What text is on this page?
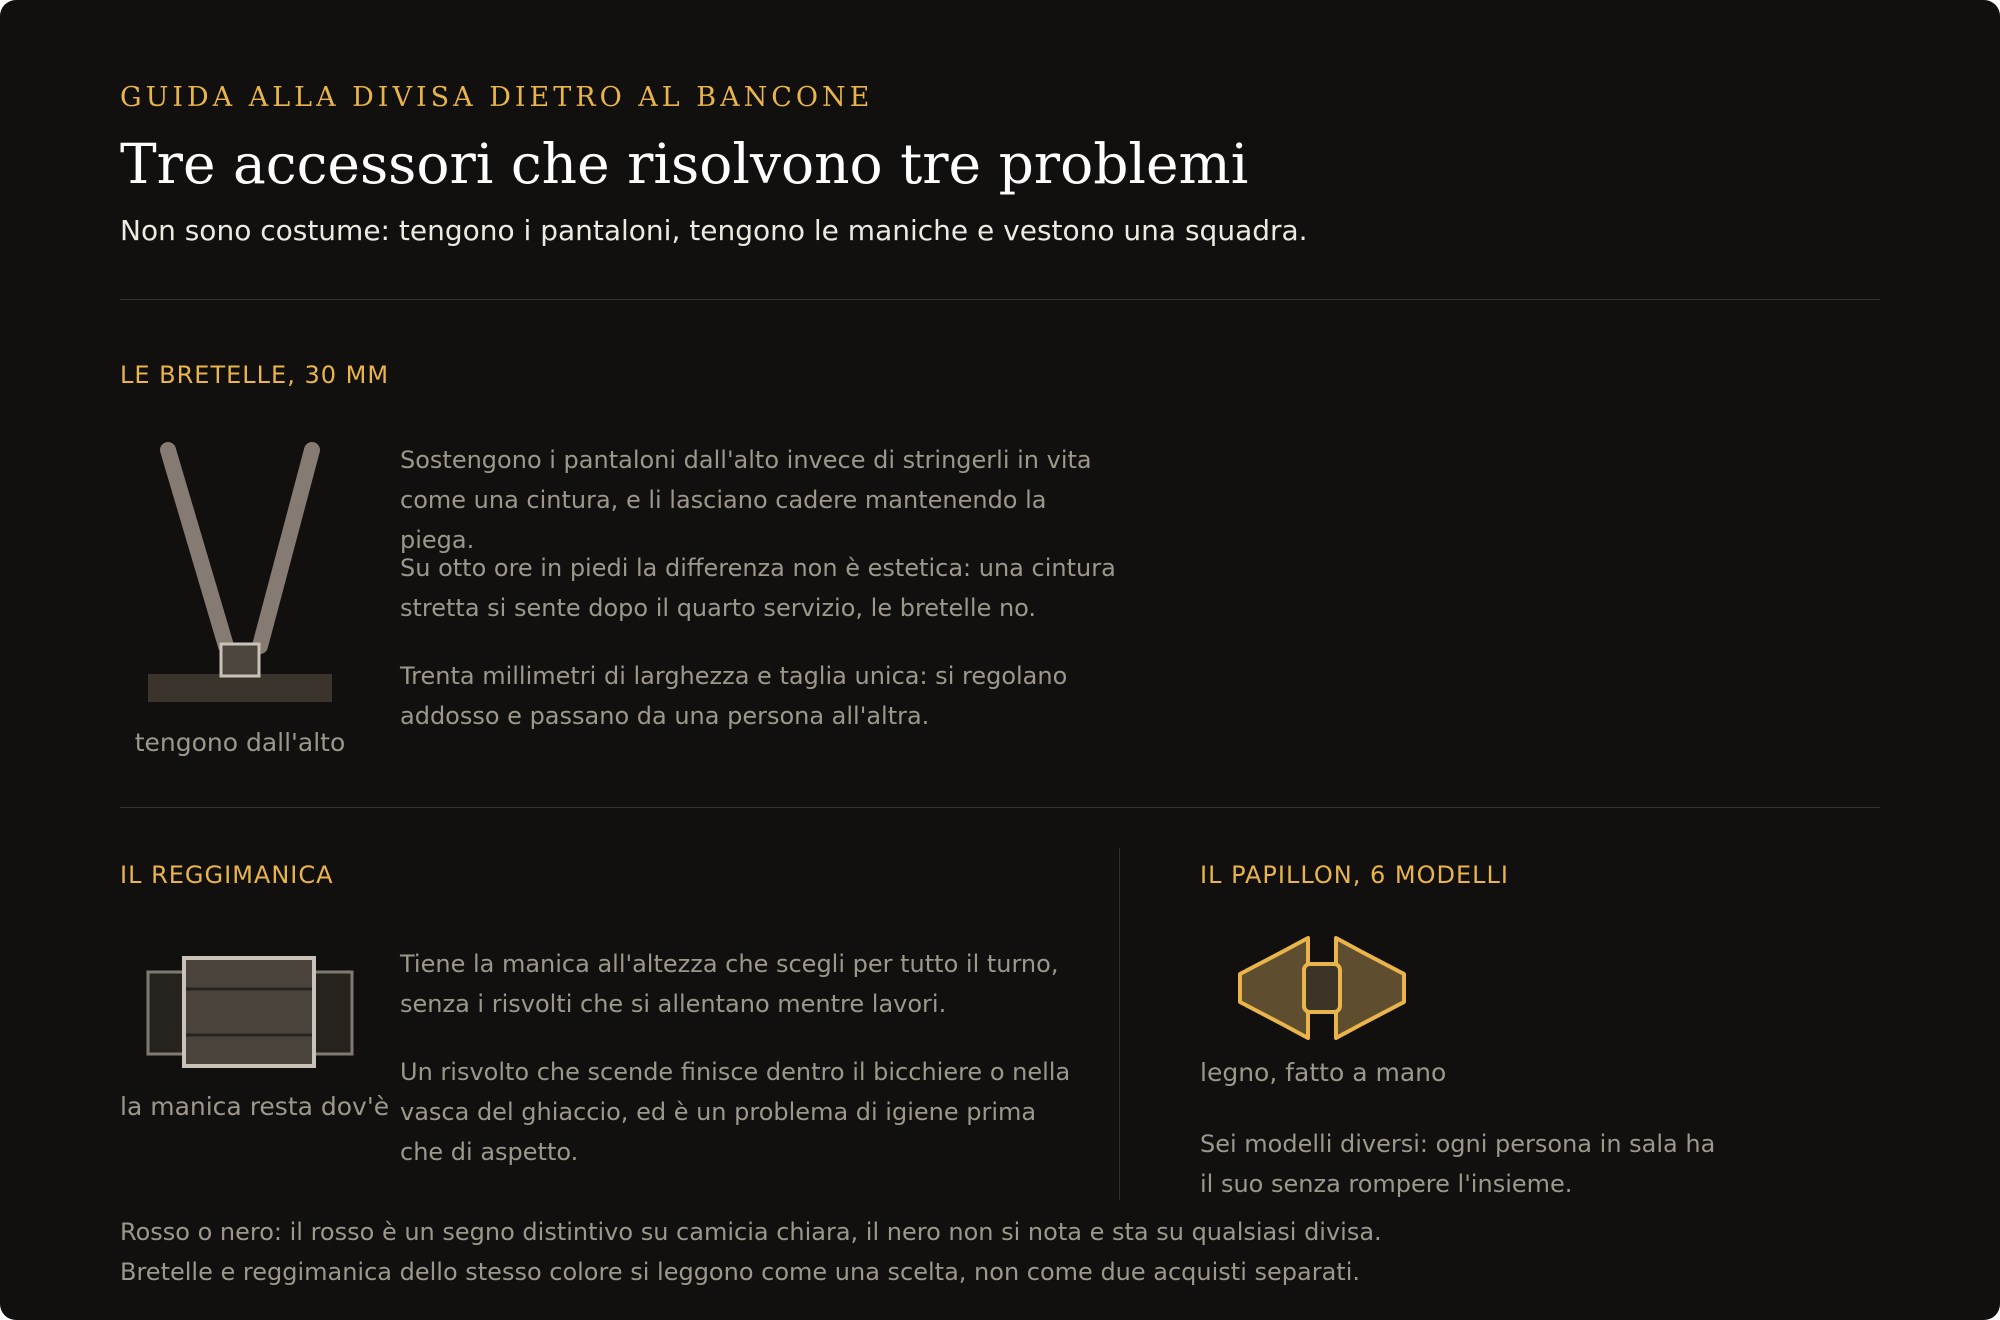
GUIDA ALLA DIVISA DIETRO AL BANCONE
Tre accessori che risolvono tre problemi
Non sono costume: tengono i pantaloni, tengono le maniche e vestono una squadra.
LE BRETELLE, 30 MM
tengono dall'alto

Sostengono i pantaloni dall'alto invece di stringerli in vita come una cintura, e li lasciano cadere mantenendo la piega.

Su otto ore in piedi la differenza non è estetica: una cintura stretta si sente dopo il quarto servizio, le bretelle no.

Trenta millimetri di larghezza e taglia unica: si regolano addosso e passano da una persona all'altra.

IL REGGIMANICA
la manica resta dov'è

Tiene la manica all'altezza che scegli per tutto il turno, senza i risvolti che si allentano mentre lavori.

Un risvolto che scende finisce dentro il bicchiere o nella vasca del ghiaccio, ed è un problema di igiene prima che di aspetto.

IL PAPILLON, 6 MODELLI
legno, fatto a mano

Sei modelli diversi: ogni persona in sala ha il suo senza rompere l'insieme.

Rosso o nero: il rosso è un segno distintivo su camicia chiara, il nero non si nota e sta su qualsiasi divisa.
Bretelle e reggimanica dello stesso colore si leggono come una scelta, non come due acquisti separati.
